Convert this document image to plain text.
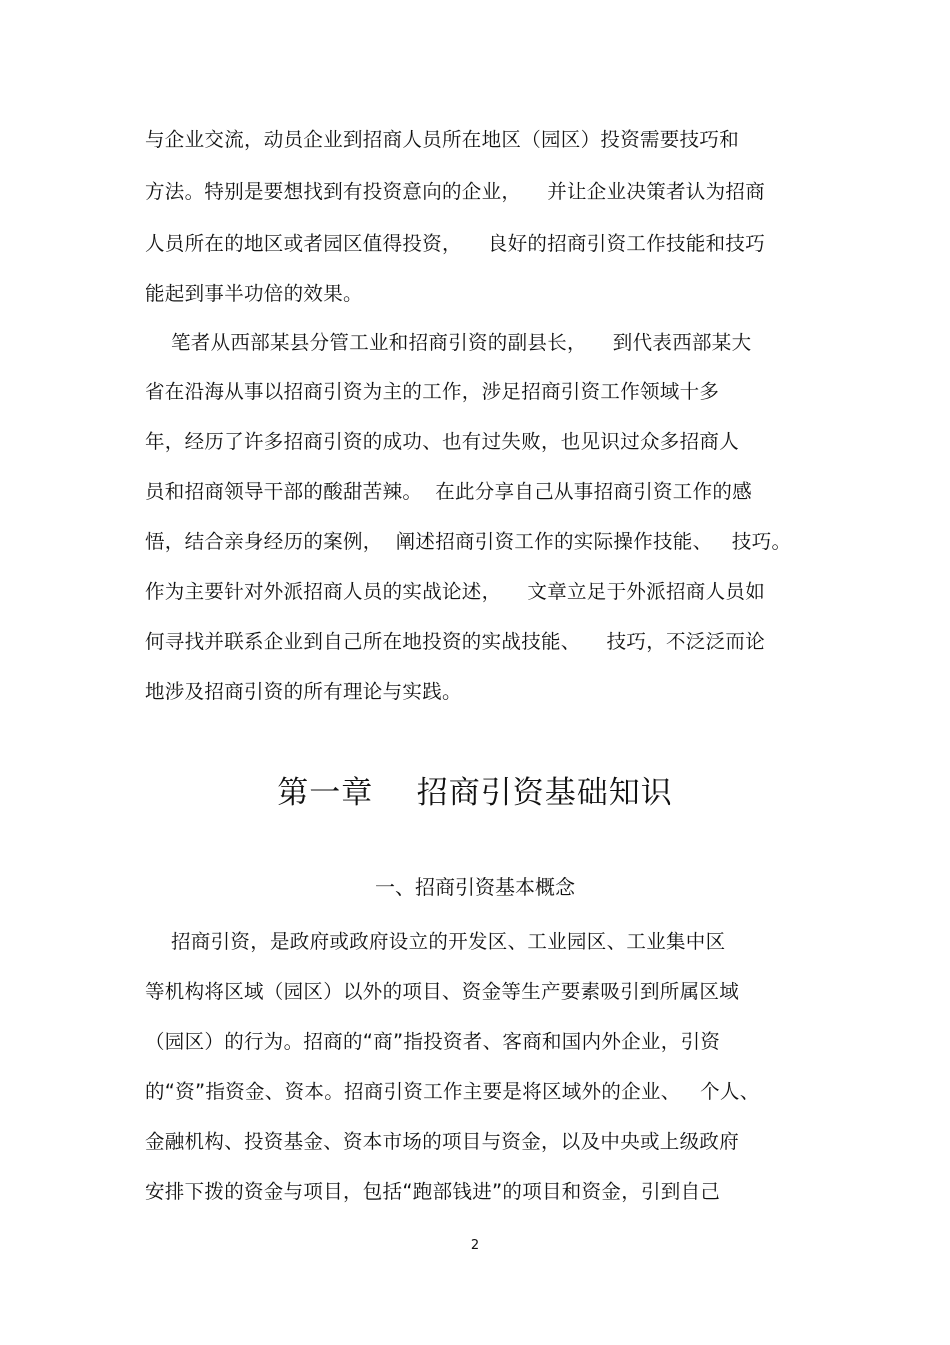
与企业交流，动员企业到招商人员所在地区（园区）投资需要技巧和
方法。特别是要想找到有投资意向的企业，    并让企业决策者认为招商
人员所在的地区或者园区值得投资，    良好的招商引资工作技能和技巧
能起到事半功倍的效果。
笔者从西部某县分管工业和招商引资的副县长，    到代表西部某大
省在沿海从事以招商引资为主的工作，涉足招商引资工作领域十多
年，经历了许多招商引资的成功、也有过失败，也见识过众多招商人
员和招商领导干部的酸甜苦辣。  在此分享自己从事招商引资工作的感
悟，结合亲身经历的案例，  阐述招商引资工作的实际操作技能、   技巧。
作为主要针对外派招商人员的实战论述，    文章立足于外派招商人员如
何寻找并联系企业到自己所在地投资的实战技能、    技巧，不泛泛而论
地涉及招商引资的所有理论与实践。
第一章    招商引资基础知识
一、招商引资基本概念
招商引资，是政府或政府设立的开发区、工业园区、工业集中区
等机构将区域（园区）以外的项目、资金等生产要素吸引到所属区域
（园区）的行为。招商的“商”指投资者、客商和国内外企业，引资
的“资”指资金、资本。招商引资工作主要是将区域外的企业、   个人、
金融机构、投资基金、资本市场的项目与资金，以及中央或上级政府
安排下拨的资金与项目，包括“跑部钱进”的项目和资金，引到自己
2
